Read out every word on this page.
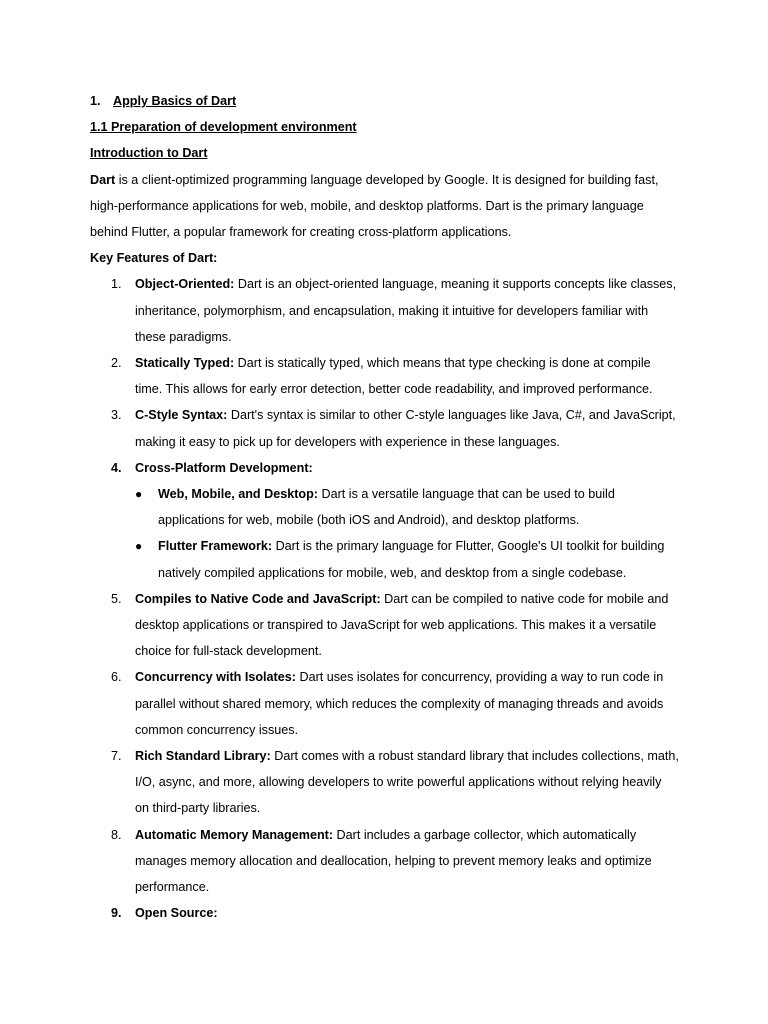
1. Apply Basics of Dart

1.1 Preparation of development environment

Introduction to Dart

Dart is a client-optimized programming language developed by Google. It is designed for building fast,

high-performance applications for web, mobile, and desktop platforms. Dart is the primary language

behind Flutter, a popular framework for creating cross-platform applications.

Key Features of Dart:

1. Object-Oriented: Dart is an object-oriented language, meaning it supports concepts like classes,

inheritance, polymorphism, and encapsulation, making it intuitive for developers familiar with

these paradigms.

2. Statically Typed: Dart is statically typed, which means that type checking is done at compile

time. This allows for early error detection, better code readability, and improved performance.

3. C-Style Syntax: Dart's syntax is similar to other C-style languages like Java, C#, and JavaScript,

making it easy to pick up for developers with experience in these languages.

4. Cross-Platform Development:

● Web, Mobile, and Desktop: Dart is a versatile language that can be used to build

applications for web, mobile (both iOS and Android), and desktop platforms.

● Flutter Framework: Dart is the primary language for Flutter, Google's UI toolkit for building

natively compiled applications for mobile, web, and desktop from a single codebase.

5. Compiles to Native Code and JavaScript: Dart can be compiled to native code for mobile and

desktop applications or transpired to JavaScript for web applications. This makes it a versatile

choice for full-stack development.

6. Concurrency with Isolates: Dart uses isolates for concurrency, providing a way to run code in

parallel without shared memory, which reduces the complexity of managing threads and avoids

common concurrency issues.

7. Rich Standard Library: Dart comes with a robust standard library that includes collections, math,

I/O, async, and more, allowing developers to write powerful applications without relying heavily

on third-party libraries.

8. Automatic Memory Management: Dart includes a garbage collector, which automatically

manages memory allocation and deallocation, helping to prevent memory leaks and optimize

performance.

9. Open Source:
